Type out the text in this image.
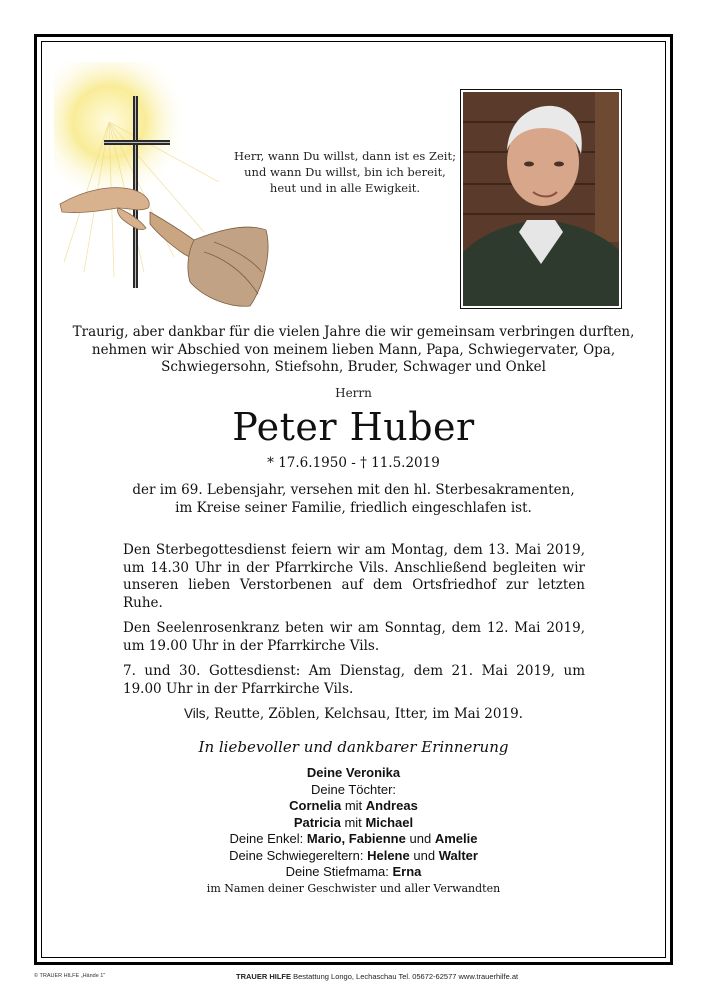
Herr, wann Du willst, dann ist es Zeit;
und wann Du willst, bin ich bereit,
heut und in alle Ewigkeit.
Traurig, aber dankbar für die vielen Jahre die wir gemeinsam verbringen durften,
nehmen wir Abschied von meinem lieben Mann, Papa, Schwiegervater, Opa,
Schwiegersohn, Stiefsohn, Bruder, Schwager und Onkel
Herrn
Peter Huber
* 17.6.1950 - † 11.5.2019
der im 69. Lebensjahr, versehen mit den hl. Sterbesakramenten,
im Kreise seiner Familie, friedlich eingeschlafen ist.

Den Sterbegottesdienst feiern wir am Montag, dem 13. Mai 2019, um 14.30 Uhr in der Pfarrkirche Vils. Anschließend begleiten wir unseren lieben Verstorbenen auf dem Ortsfriedhof zur letzten Ruhe.

Den Seelenrosenkranz beten wir am Sonntag, dem 12. Mai 2019, um 19.00 Uhr in der Pfarrkirche Vils.

7. und 30. Gottesdienst: Am Dienstag, dem 21. Mai 2019, um 19.00 Uhr in der Pfarrkirche Vils.

Vils, Reutte, Zöblen, Kelchsau, Itter, im Mai 2019.
In liebevoller und dankbarer Erinnerung
Deine Veronika
Deine Töchter:
Cornelia mit Andreas
Patricia mit Michael
Deine Enkel: Mario, Fabienne und Amelie
Deine Schwiegereltern: Helene und Walter
Deine Stiefmama: Erna
im Namen deiner Geschwister und aller Verwandten
© TRAUER HILFE „Hände 1"	TRAUER HILFE Bestattung Longo, Lechaschau Tel. 05672-62577 www.trauerhilfe.at
